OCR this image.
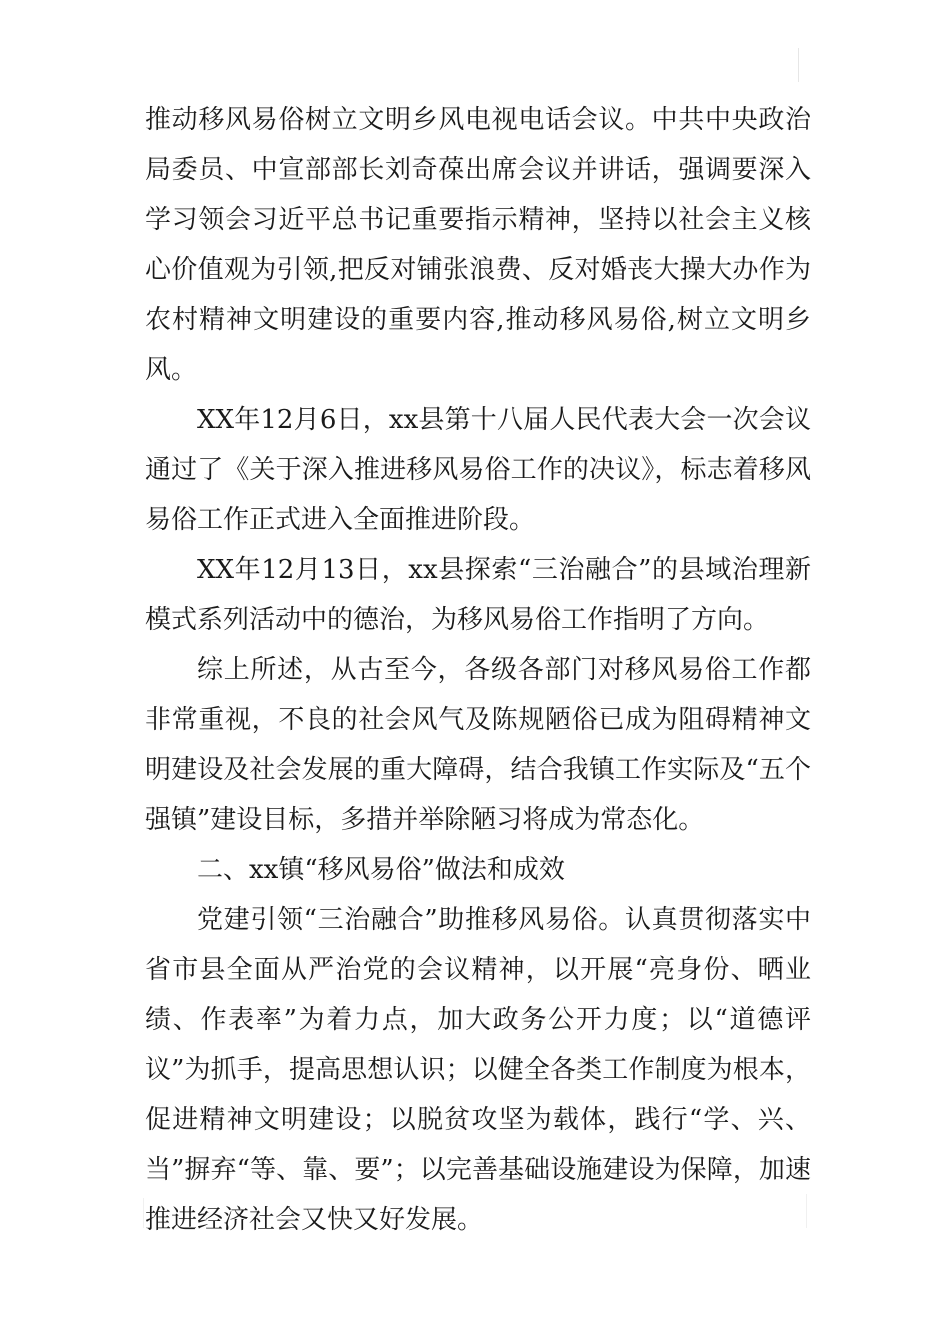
推动移风易俗树立文明乡风电视电话会议。中共中央政治局委员、中宣部部长刘奇葆出席会议并讲话，强调要深入学习领会习近平总书记重要指示精神，坚持以社会主义核心价值观为引领,把反对铺张浪费、反对婚丧大操大办作为农村精神文明建设的重要内容,推动移风易俗,树立文明乡风。

XX年12月6日，xx县第十八届人民代表大会一次会议通过了《关于深入推进移风易俗工作的决议》，标志着移风易俗工作正式进入全面推进阶段。

XX年12月13日，xx县探索“三治融合”的县域治理新模式系列活动中的德治，为移风易俗工作指明了方向。

综上所述，从古至今，各级各部门对移风易俗工作都非常重视，不良的社会风气及陈规陋俗已成为阻碍精神文明建设及社会发展的重大障碍，结合我镇工作实际及“五个强镇”建设目标，多措并举除陋习将成为常态化。

二、xx镇“移风易俗”做法和成效

党建引领“三治融合”助推移风易俗。认真贯彻落实中省市县全面从严治党的会议精神，以开展“亮身份、晒业绩、作表率”为着力点，加大政务公开力度；以“道德评议”为抓手，提高思想认识；以健全各类工作制度为根本，促进精神文明建设；以脱贫攻坚为载体，践行“学、兴、当”摒弃“等、靠、要”；以完善基础设施建设为保障，加速推进经济社会又快又好发展。
